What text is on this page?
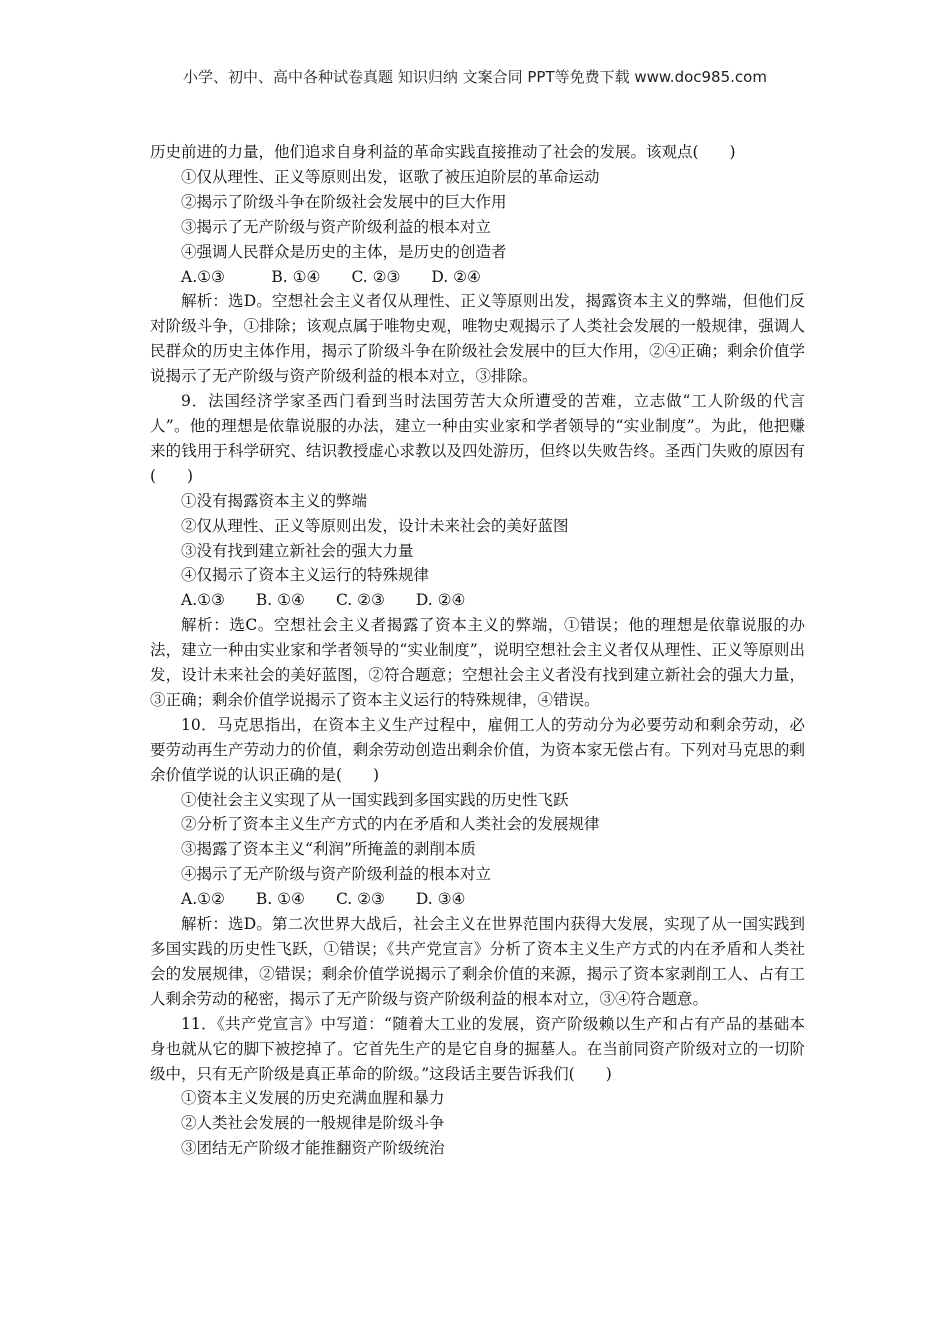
小学、初中、高中各种试卷真题 知识归纳 文案合同 PPT等免费下载 www.doc985.com

历史前进的力量，他们追求自身利益的革命实践直接推动了社会的发展。该观点(　　)

①仅从理性、正义等原则出发，讴歌了被压迫阶层的革命运动

②揭示了阶级斗争在阶级社会发展中的巨大作用

③揭示了无产阶级与资产阶级利益的根本对立

④强调人民群众是历史的主体，是历史的创造者

A.①③　　　B. ①④　　C. ②③　　D. ②④

解析：选D。空想社会主义者仅从理性、正义等原则出发，揭露资本主义的弊端，但他们反对阶级斗争，①排除；该观点属于唯物史观，唯物史观揭示了人类社会发展的一般规律，强调人民群众的历史主体作用，揭示了阶级斗争在阶级社会发展中的巨大作用，②④正确；剩余价值学说揭示了无产阶级与资产阶级利益的根本对立，③排除。

9．法国经济学家圣西门看到当时法国劳苦大众所遭受的苦难，立志做“工人阶级的代言人”。他的理想是依靠说服的办法，建立一种由实业家和学者领导的“实业制度”。为此，他把赚来的钱用于科学研究、结识教授虚心求教以及四处游历，但终以失败告终。圣西门失败的原因有(　　)

①没有揭露资本主义的弊端

②仅从理性、正义等原则出发，设计未来社会的美好蓝图

③没有找到建立新社会的强大力量

④仅揭示了资本主义运行的特殊规律

A.①③　　B. ①④　　C. ②③　　D. ②④

解析：选C。空想社会主义者揭露了资本主义的弊端，①错误；他的理想是依靠说服的办法，建立一种由实业家和学者领导的“实业制度”，说明空想社会主义者仅从理性、正义等原则出发，设计未来社会的美好蓝图，②符合题意；空想社会主义者没有找到建立新社会的强大力量，③正确；剩余价值学说揭示了资本主义运行的特殊规律，④错误。

10．马克思指出，在资本主义生产过程中，雇佣工人的劳动分为必要劳动和剩余劳动，必要劳动再生产劳动力的价值，剩余劳动创造出剩余价值，为资本家无偿占有。下列对马克思的剩余价值学说的认识正确的是(　　)

①使社会主义实现了从一国实践到多国实践的历史性飞跃

②分析了资本主义生产方式的内在矛盾和人类社会的发展规律

③揭露了资本主义“利润”所掩盖的剥削本质

④揭示了无产阶级与资产阶级利益的根本对立

A.①②　　B. ①④　　C. ②③　　D. ③④

解析：选D。第二次世界大战后，社会主义在世界范围内获得大发展，实现了从一国实践到多国实践的历史性飞跃，①错误；《共产党宣言》分析了资本主义生产方式的内在矛盾和人类社会的发展规律，②错误；剩余价值学说揭示了剩余价值的来源，揭示了资本家剥削工人、占有工人剩余劳动的秘密，揭示了无产阶级与资产阶级利益的根本对立，③④符合题意。

11．《共产党宣言》中写道：“随着大工业的发展，资产阶级赖以生产和占有产品的基础本身也就从它的脚下被挖掉了。它首先生产的是它自身的掘墓人。在当前同资产阶级对立的一切阶级中，只有无产阶级是真正革命的阶级。”这段话主要告诉我们(　　)

①资本主义发展的历史充满血腥和暴力

②人类社会发展的一般规律是阶级斗争

③团结无产阶级才能推翻资产阶级统治
